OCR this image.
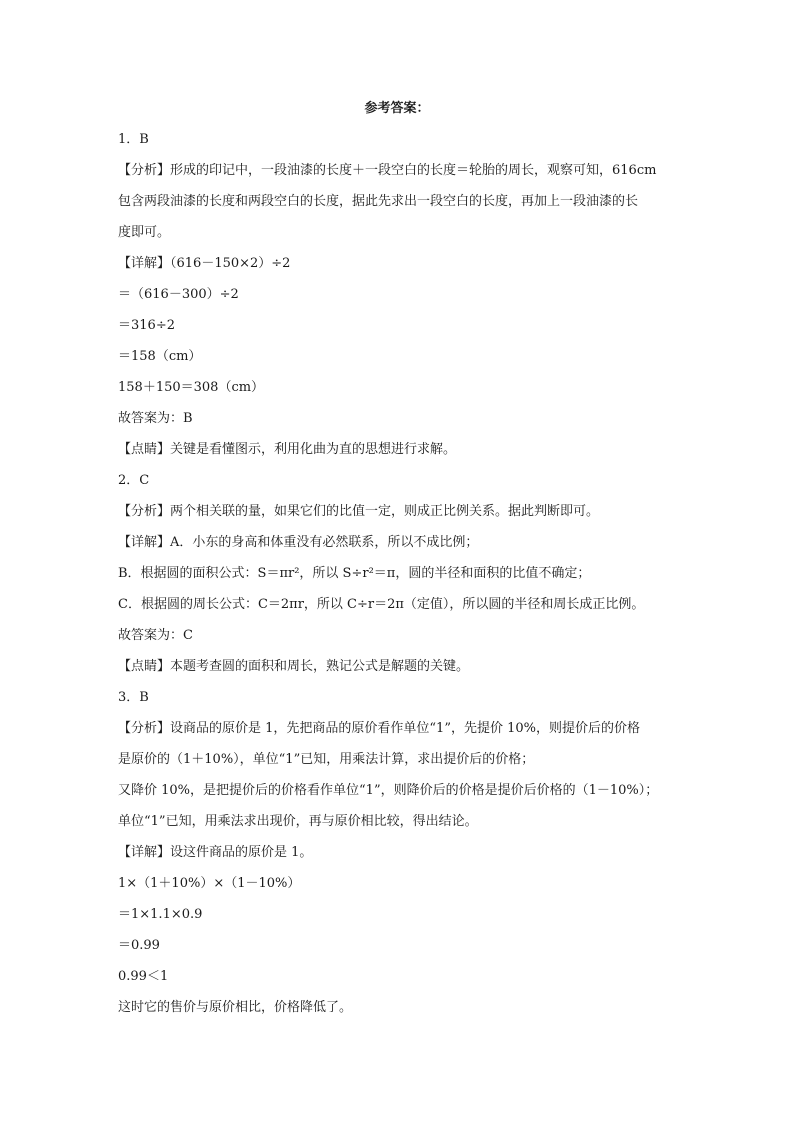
参考答案：
1．B
【分析】形成的印记中，一段油漆的长度＋一段空白的长度＝轮胎的周长，观察可知，616cm
包含两段油漆的长度和两段空白的长度，据此先求出一段空白的长度，再加上一段油漆的长
度即可。
【详解】（616－150×2）÷2
＝（616－300）÷2
＝316÷2
＝158（cm）
158＋150＝308（cm）
故答案为：B
【点睛】关键是看懂图示，利用化曲为直的思想进行求解。
2．C
【分析】两个相关联的量，如果它们的比值一定，则成正比例关系。据此判断即可。
【详解】A．小东的身高和体重没有必然联系，所以不成比例；
B．根据圆的面积公式：S＝πr²，所以 S÷r²＝π，圆的半径和面积的比值不确定；
C．根据圆的周长公式：C＝2πr，所以 C÷r＝2π（定值），所以圆的半径和周长成正比例。
故答案为：C
【点睛】本题考查圆的面积和周长，熟记公式是解题的关键。
3．B
【分析】设商品的原价是 1，先把商品的原价看作单位“1”，先提价 10%，则提价后的价格
是原价的（1＋10%），单位“1”已知，用乘法计算，求出提价后的价格；
又降价 10%，是把提价后的价格看作单位“1”，则降价后的价格是提价后价格的（1－10%）；
单位“1”已知，用乘法求出现价，再与原价相比较，得出结论。
【详解】设这件商品的原价是 1。
1×（1＋10%）×（1－10%）
＝1×1.1×0.9
＝0.99
0.99＜1
这时它的售价与原价相比，价格降低了。
